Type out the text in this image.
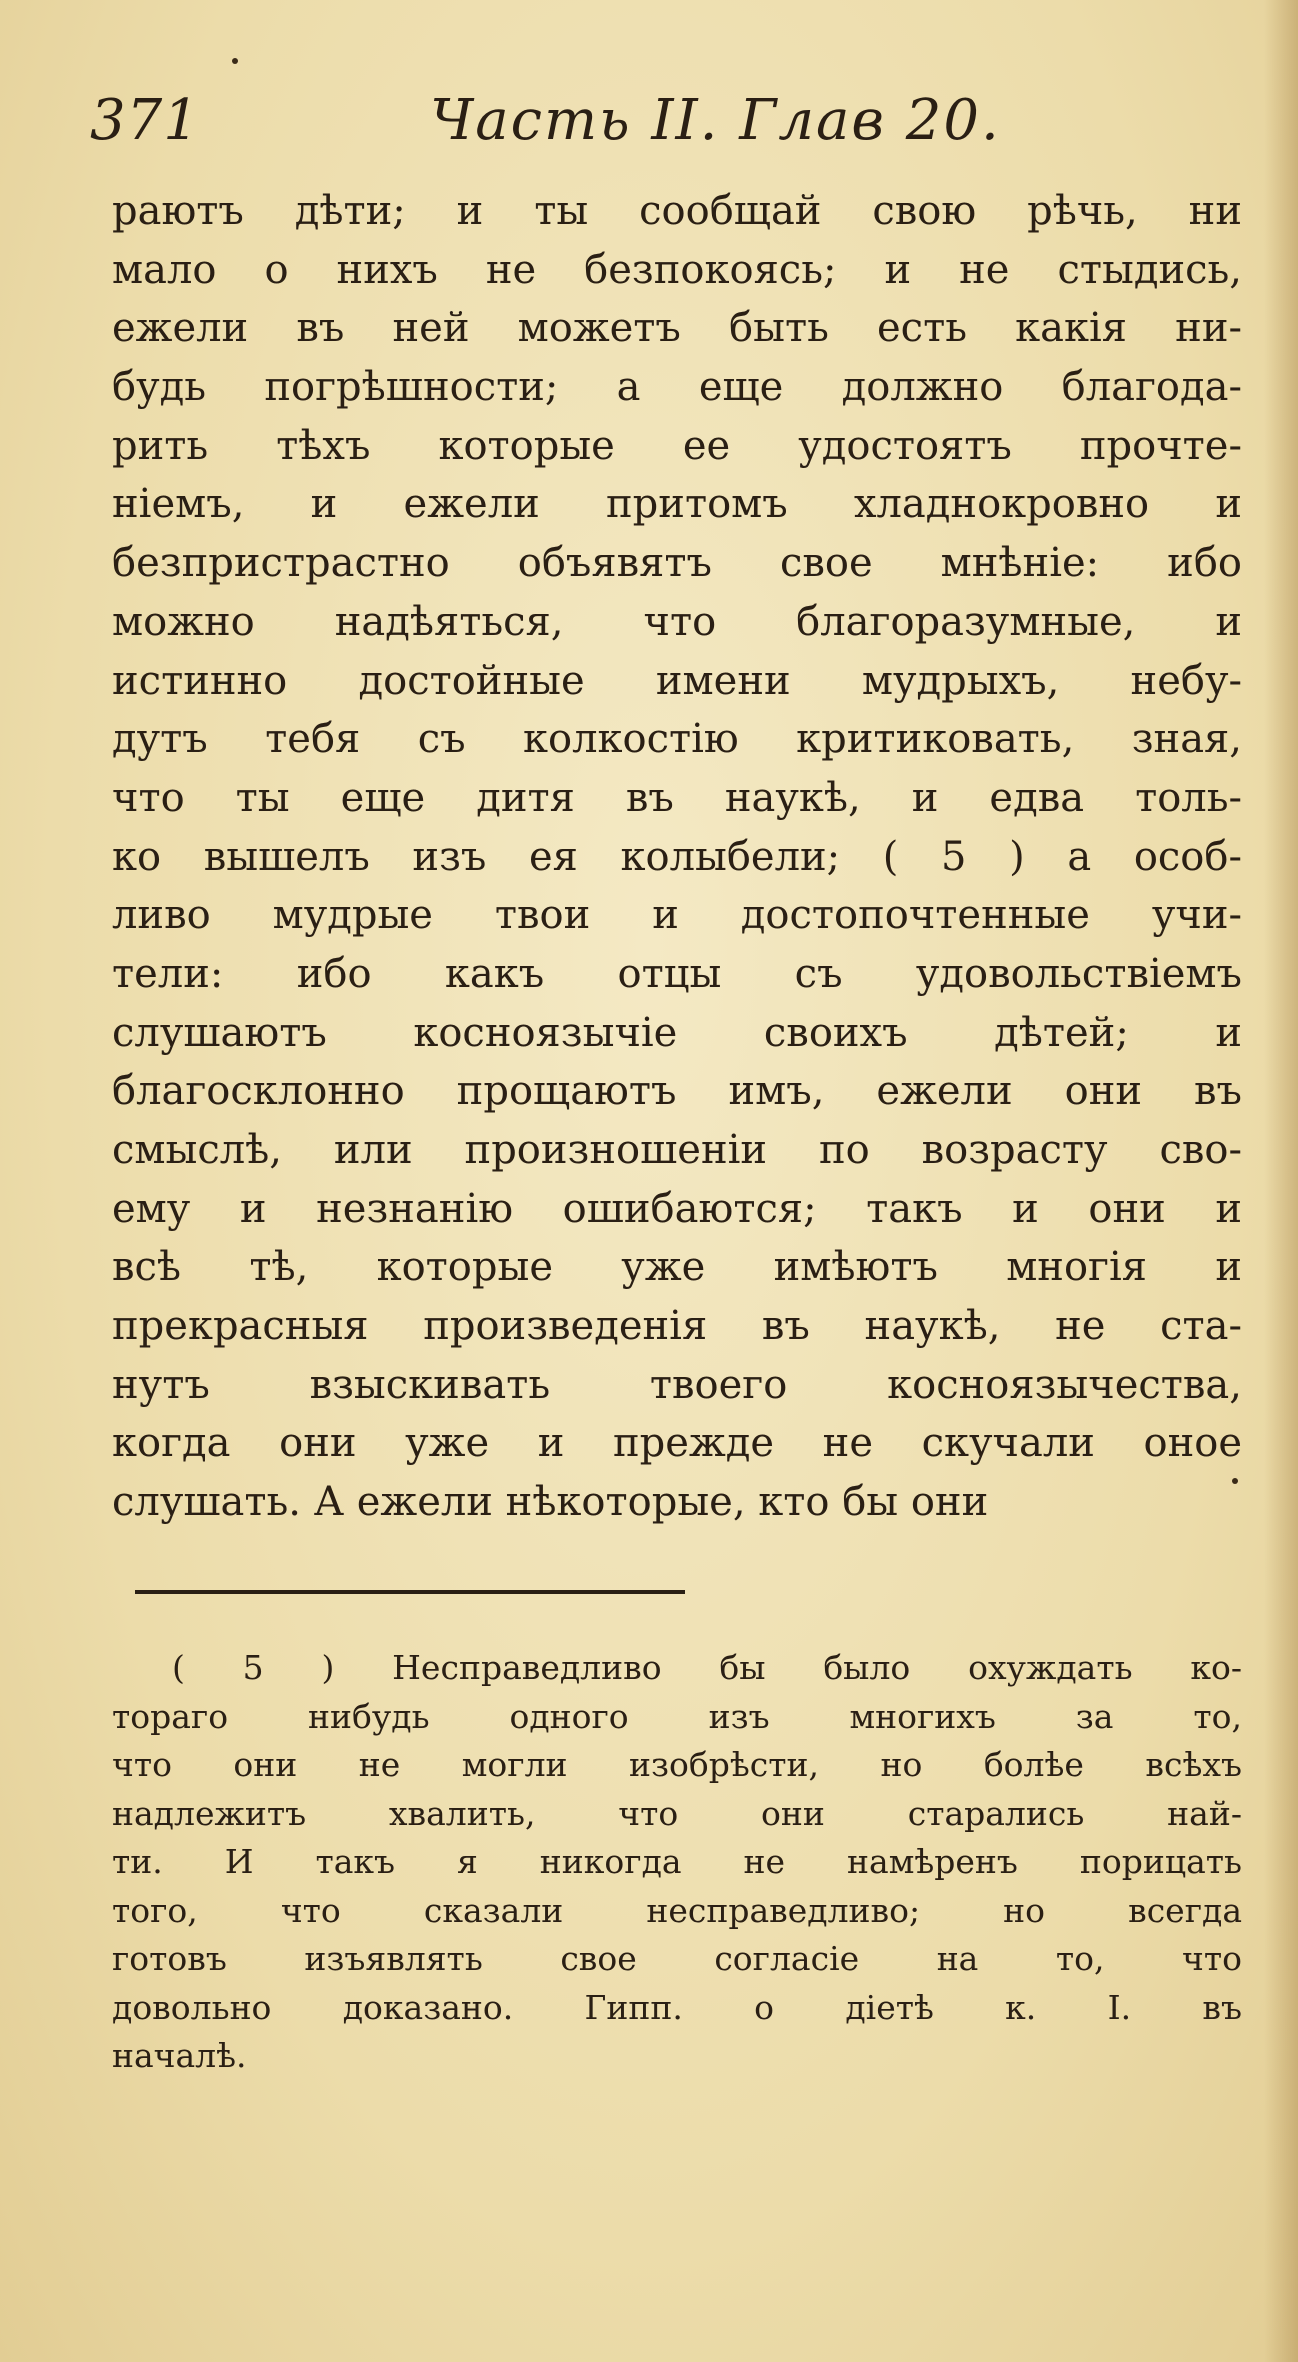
371	Часть II. Глав 20.
раютъ дѣти; и ты сообщай свою рѣчь, ни
мало о нихъ не безпокоясь; и не стыдись,
ежели въ ней можетъ быть есть какія ни-
будь погрѣшности; а еще должно благода-
рить тѣхъ которые ее удостоятъ прочте-
ніемъ, и ежели притомъ хладнокровно и
безпристрастно объявятъ свое мнѣніе: ибо
можно надѣяться, что благоразумные, и
истинно достойные имени мудрыхъ, небу-
дутъ тебя съ колкостію критиковать, зная,
что ты еще дитя въ наукѣ, и едва толь-
ко вышелъ изъ ея колыбели; ( 5 ) а особ-
ливо мудрые твои и достопочтенные учи-
тели: ибо какъ отцы съ удовольствіемъ
слушаютъ косноязычіе своихъ дѣтей; и
благосклонно прощаютъ имъ, ежели они въ
смыслѣ, или произношеніи по возрасту сво-
ему и незнанію ошибаются; такъ и они и
всѣ тѣ, которые уже имѣютъ многія и
прекрасныя произведенія въ наукѣ, не ста-
нутъ взыскивать твоего косноязычества,
когда они уже и прежде не скучали оное
слушать. А ежели нѣкоторые, кто бы они
( 5 ) Несправедливо бы было охуждать ко-
тораго нибудь одного изъ многихъ за то,
что они не могли изобрѣсти, но болѣе всѣхъ
надлежитъ хвалить, что они старались най-
ти. И такъ я никогда не намѣренъ порицать
того, что сказали несправедливо; но всегда
готовъ изъявлять свое согласіе на то, что
довольно доказано. Гипп. о діетѣ к. I. въ
началѣ.
